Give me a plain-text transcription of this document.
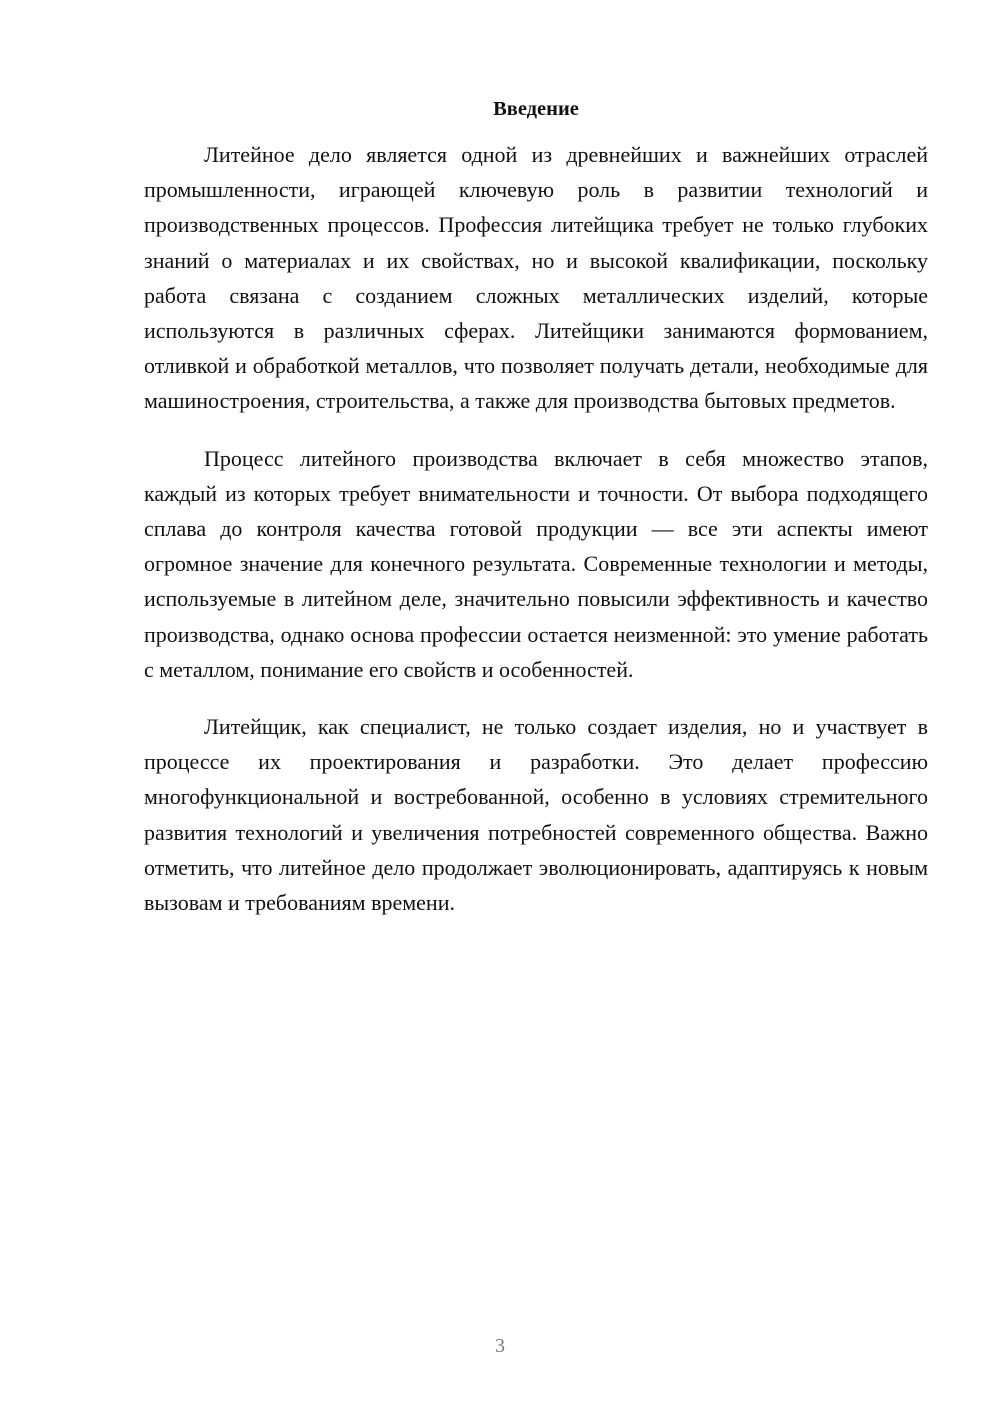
Введение

Литейное дело является одной из древнейших и важнейших отраслей промышленности, играющей ключевую роль в развитии технологий и производственных процессов. Профессия литейщика требует не только глубоких знаний о материалах и их свойствах, но и высокой квалификации, поскольку работа связана с созданием сложных металлических изделий, которые используются в различных сферах. Литейщики занимаются формованием, отливкой и обработкой металлов, что позволяет получать детали, необходимые для машиностроения, строительства, а также для производства бытовых предметов.

Процесс литейного производства включает в себя множество этапов, каждый из которых требует внимательности и точности. От выбора подходящего сплава до контроля качества готовой продукции — все эти аспекты имеют огромное значение для конечного результата. Современные технологии и методы, используемые в литейном деле, значительно повысили эффективность и качество производства, однако основа профессии остается неизменной: это умение работать с металлом, понимание его свойств и особенностей.

Литейщик, как специалист, не только создает изделия, но и участвует в процессе их проектирования и разработки. Это делает профессию многофункциональной и востребованной, особенно в условиях стремительного развития технологий и увеличения потребностей современного общества. Важно отметить, что литейное дело продолжает эволюционировать, адаптируясь к новым вызовам и требованиям времени.

3
